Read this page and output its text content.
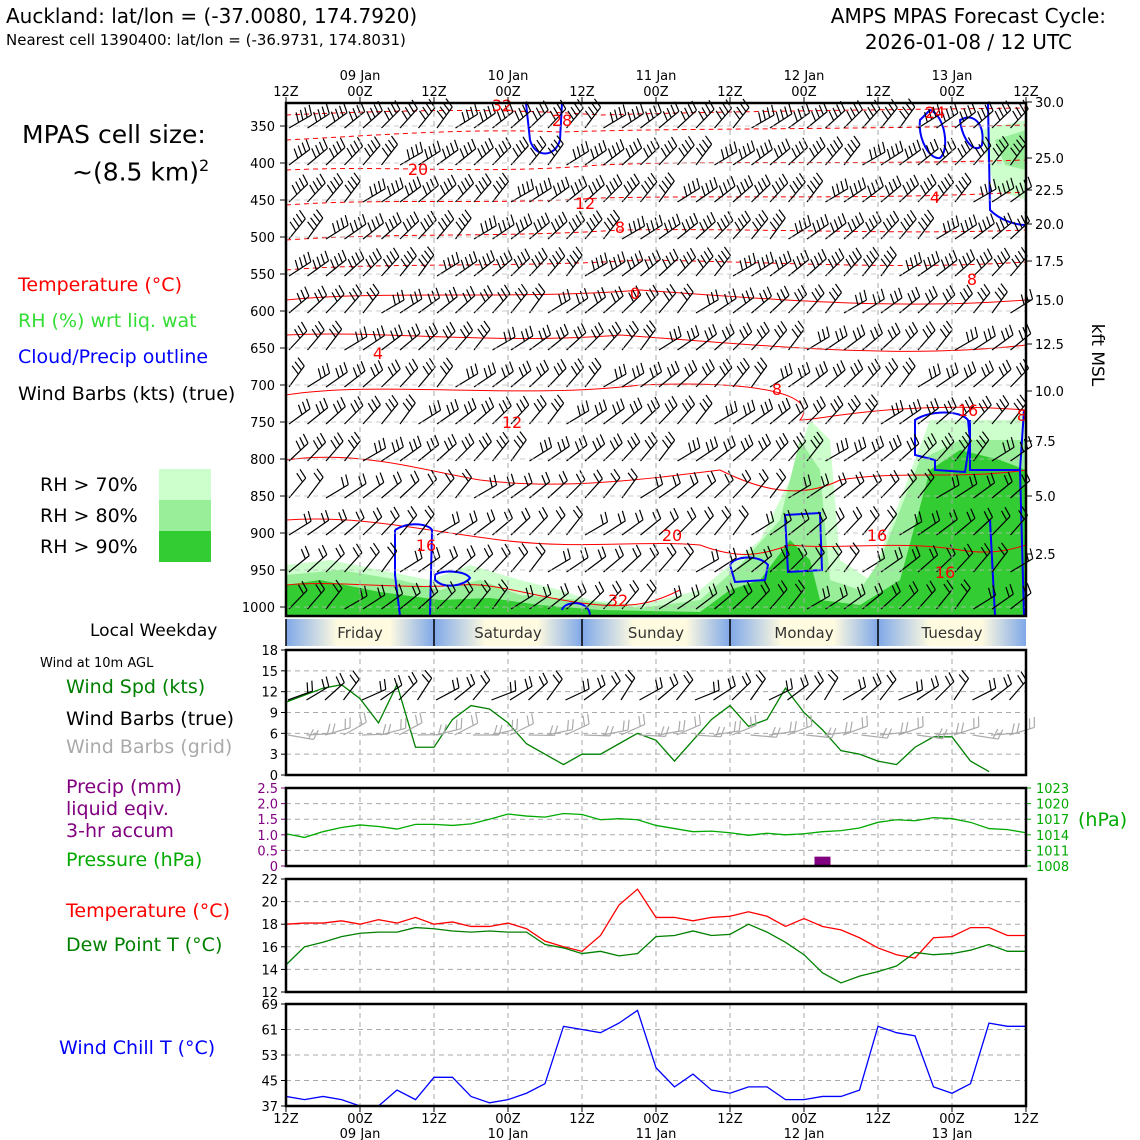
Auckland: lat/lon = (-37.0080, 174.7920)
Nearest cell 1390400: lat/lon = (-36.9731, 174.8031)
AMPS MPAS Forecast Cycle:
2026-01-08 / 12 UTC
MPAS cell size:
~(8.5 km)$^2$
Temperature (°C)
RH (%) wrt liq. wat
Cloud/Precip outline
Wind Barbs (kts) (true)
RH > 70%
RH > 80%
RH > 90%
Local Weekday
Wind at 10m AGL
Wind Spd (kts)
Wind Barbs (true)
Wind Barbs (grid)
Precip (mm)
liquid eqiv.
3-hr accum
Pressure (hPa)
Temperature (°C)
Dew Point T (°C)
Wind Chill T (°C)
32
28
20
12
8
0
4
8
12
16
20	16
16
16
32
24
4
8
8
350
400
450
500
550
600
650
700
750
800
850
900
950
1000
30.0
25.0
22.5
20.0
17.5
15.0
12.5
10.0
7.5
5.0
2.5
12Z	00Z	12Z	00Z	12Z	00Z	12Z	00Z	12Z	00Z	12Z
09 Jan	10 Jan	11 Jan	12 Jan	13 Jan
kft MSL
Friday	Saturday	Sunday	Monday	Tuesday
0
3
6
9
12
15
18
0
0.5
1.0
1.5
2.0
2.5
1008
1011
1014
1017
1020
1023
(hPa)
12
14
16
18
20
22
37
45
53
61
69
12Z	00Z	12Z	00Z	12Z	00Z	12Z	00Z	12Z	00Z	12Z
09 Jan	10 Jan	11 Jan	12 Jan	13 Jan
